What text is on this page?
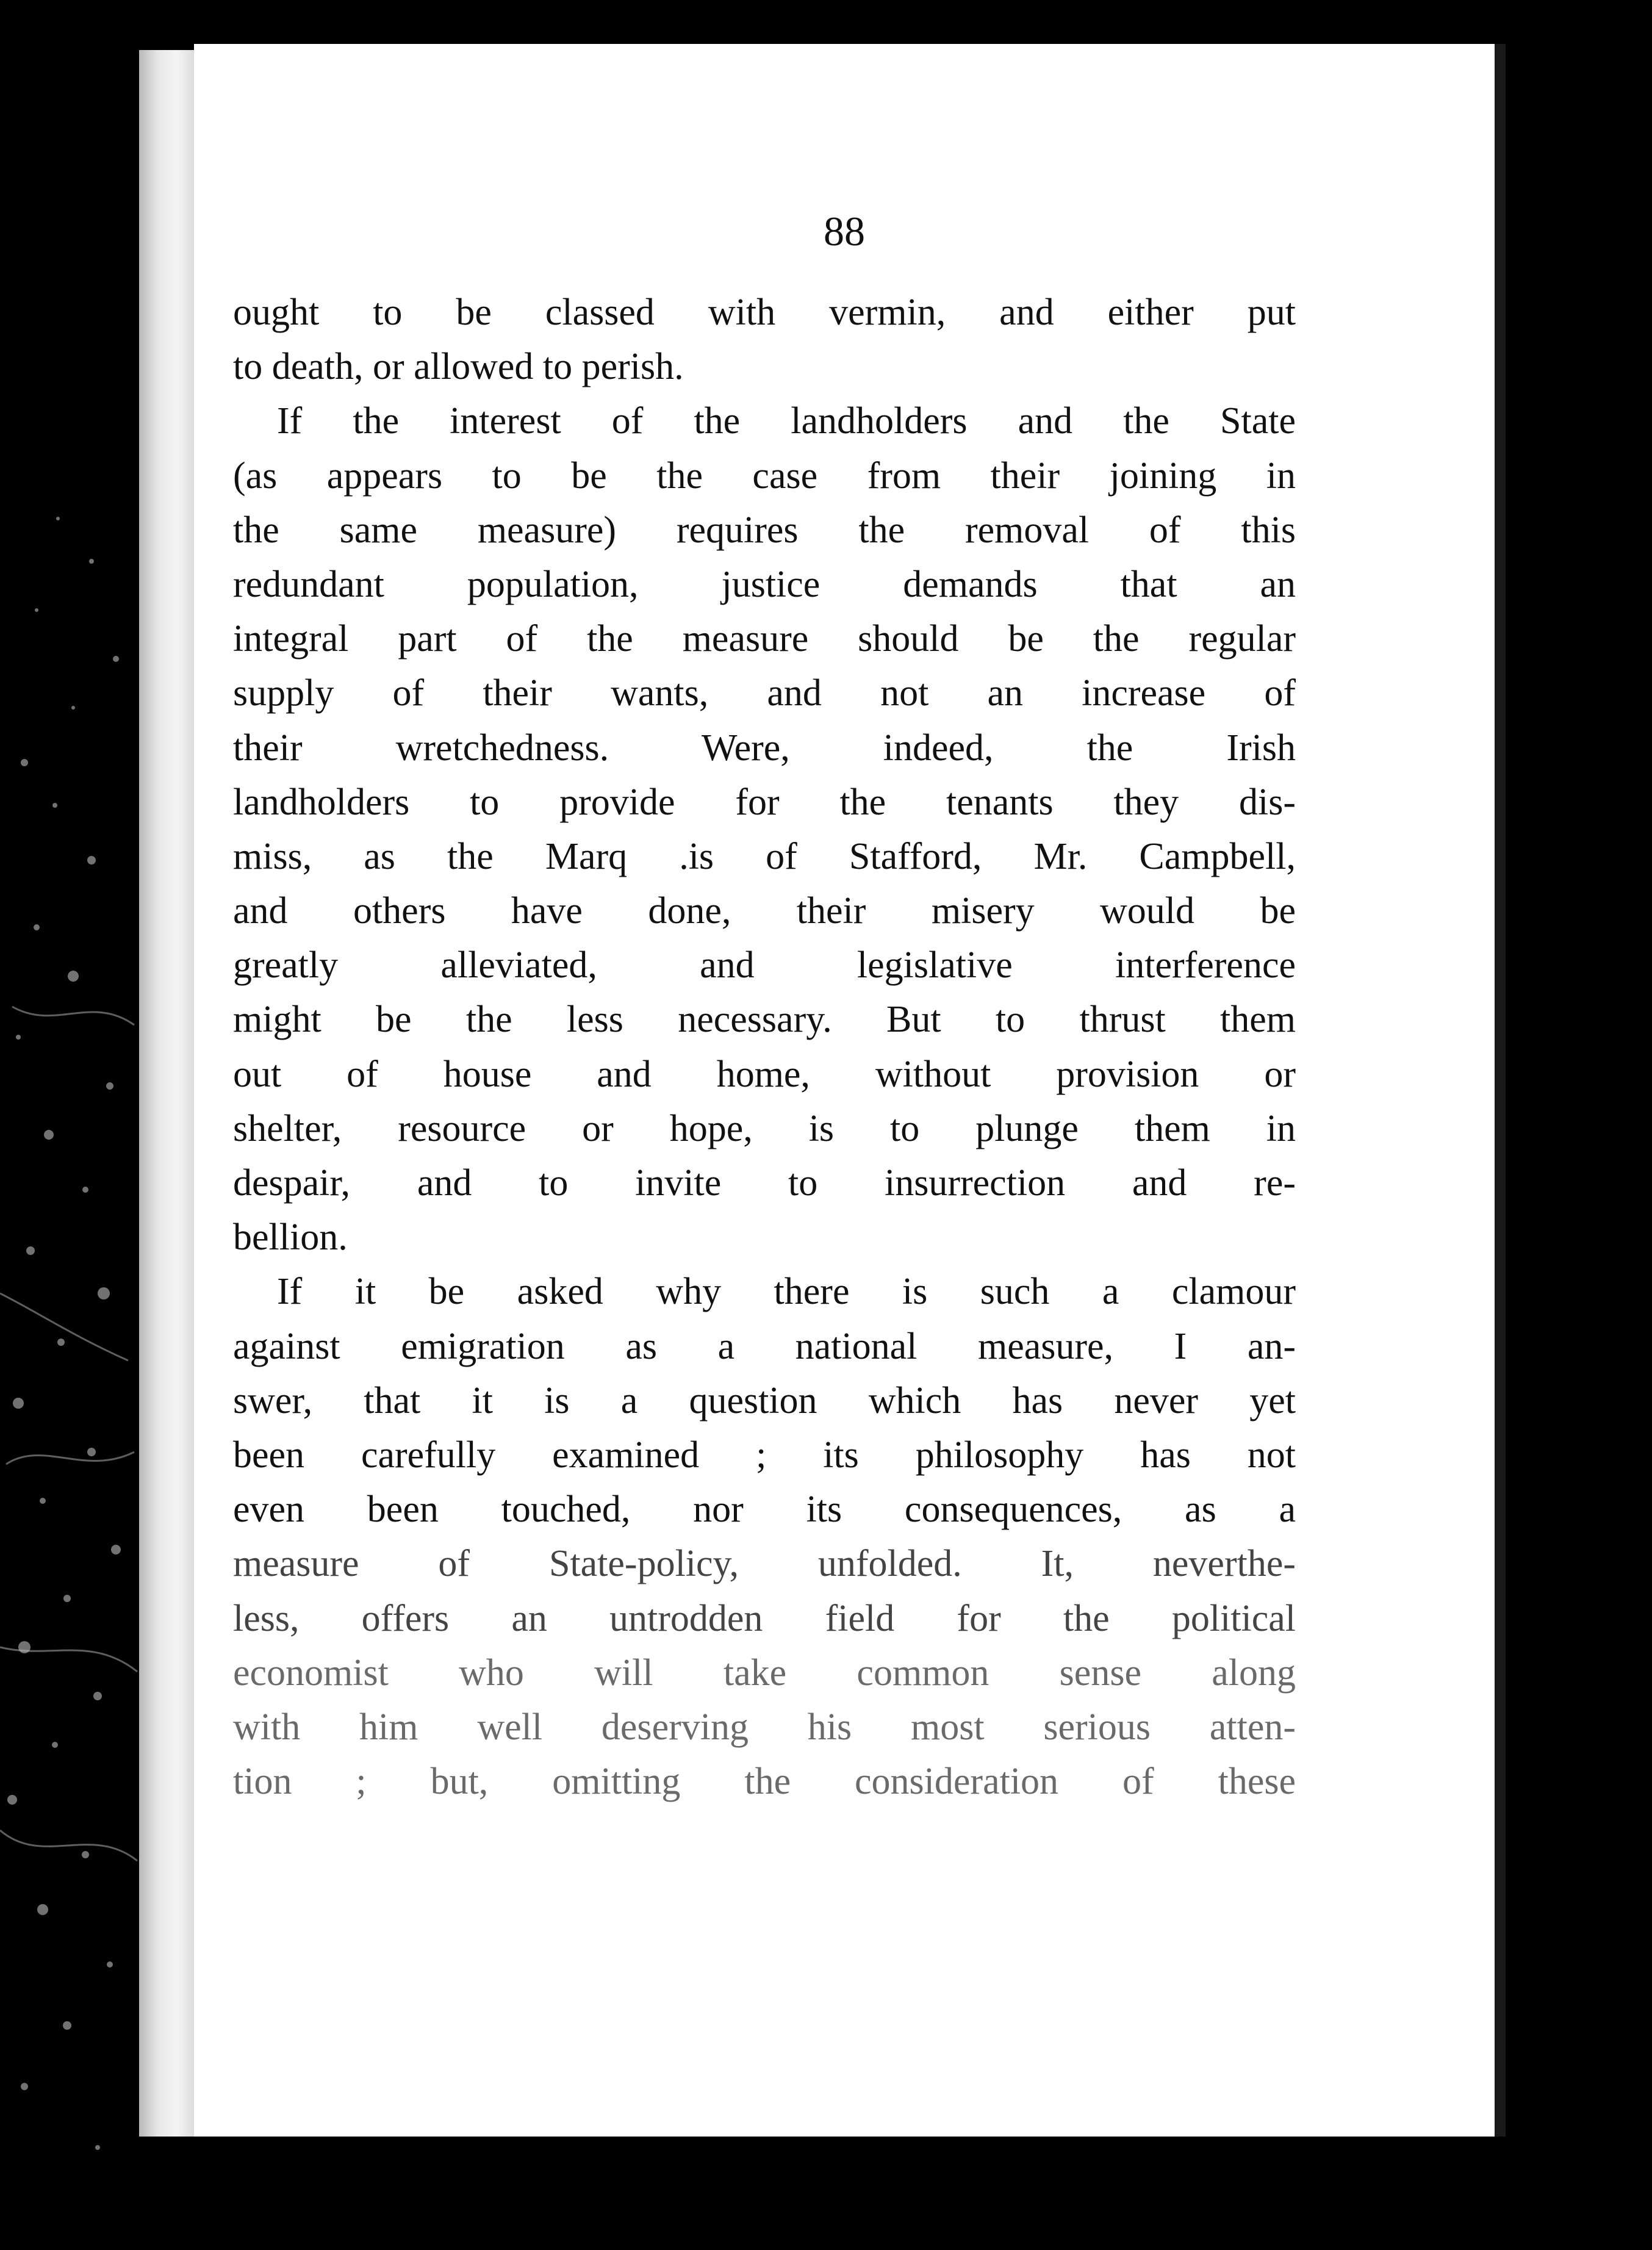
88
ought to be classed with vermin, and either put
to death, or allowed to perish.
If the interest of the landholders and the State
(as appears to be the case from their joining in
the same measure) requires the removal of this
redundant population, justice demands that an
integral part of the measure should be the regular
supply of their wants, and not an increase of
their wretchedness. Were, indeed, the Irish
landholders to provide for the tenants they dis-
miss, as the Marq .is of Stafford, Mr. Campbell,
and others have done, their misery would be
greatly alleviated, and legislative interference
might be the less necessary. But to thrust them
out of house and home, without provision or
shelter, resource or hope, is to plunge them in
despair, and to invite to insurrection and re-
bellion.
If it be asked why there is such a clamour
against emigration as a national measure, I an-
swer, that it is a question which has never yet
been carefully examined ; its philosophy has not
even been touched, nor its consequences, as a
measure of State-policy, unfolded. It, neverthe-
less, offers an untrodden field for the political
economist who will take common sense along
with him well deserving his most serious atten-
tion ; but, omitting the consideration of these
